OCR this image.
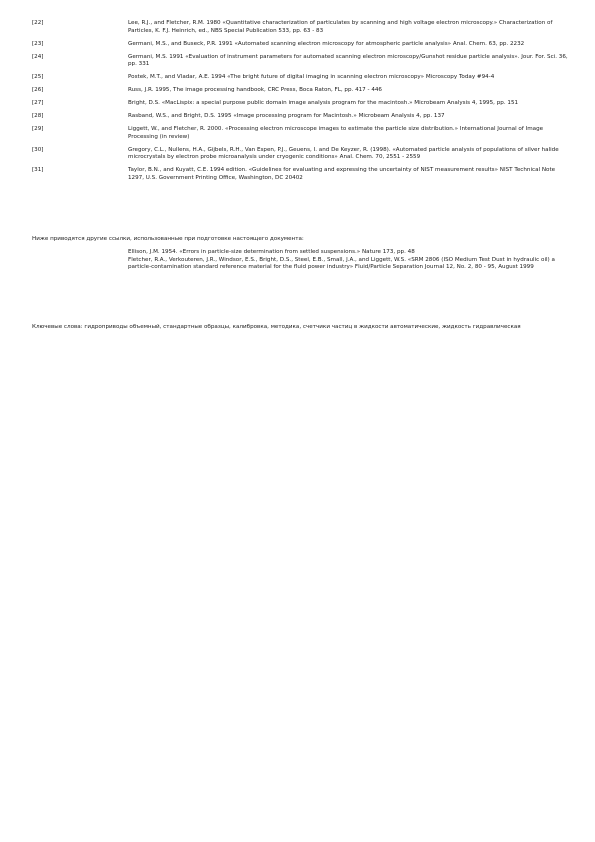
[22]	Lee, R.J., and Fletcher, R.M. 1980 «Quantitative characterization of particulates by scanning and high voltage electron microscopy.» Characterization of Particles, K. F.J. Heinrich, ed., NBS Special Publication 533, pp. 63 - 83
[23]	Germani, M.S., and Buseck, P.R. 1991 «Automated scanning electron microscopy for atmospheric particle analysis» Anal. Chem. 63, pp. 2232
[24]	Germani, M.S. 1991 «Evaluation of instrument parameters for automated scanning electron microscopy/Gunshot residue particle analysis». Jour. For. Sci. 36, pp. 331
[25]	Postek, M.T., and Vladar, A.E. 1994 «The bright future of digital imaging in scanning electron microscopy» Microscopy Today #94-4
[26]	Russ, J.R. 1995, The image processing handbook, CRC Press, Boca Raton, FL, pp. 417 - 446
[27]	Bright, D.S. «MacLispix: a special purpose public domain image analysis program for the macintosh.» Microbeam Analysis 4, 1995, pp. 151
[28]	Rasband, W.S., and Bright, D.S. 1995 «Image processing program for Macintosh.» Microbeam Analysis 4, pp. 137
[29]	Liggett, W., and Fletcher, R. 2000. «Processing electron microscope images to estimate the particle size distribution.» International Journal of Image Processing (in review)
[30]	Gregory, C.L., Nullens, H.A., Gijbels, R.H., Van Espen, P.J., Geuens, I. and De Keyzer, R. (1998). «Automated particle analysis of populations of silver halide microcrystals by electron probe microanalysis under cryogenic conditions» Anal. Chem. 70, 2551 - 2559
[31]	Taylor, B.N., and Kuyatt, C.E. 1994 edition. «Guidelines for evaluating and expressing the uncertainty of NIST measurement results» NIST Technical Note 1297, U.S. Government Printing Office, Washington, DC 20402
Ниже приводятся другие ссылки, использованные при подготовке настоящего документа:
Ellison, J.M. 1954. «Errors in particle-size determination from settled suspensions.» Nature 173, pp. 48
Fletcher, R.A., Verkouteren, J.R., Windsor, E.S., Bright, D.S., Steel, E.B., Small, J.A., and Liggett, W.S. «SRM 2806 (ISO Medium Test Dust in hydraulic oil) a particle-contamination standard reference material for the fluid power industry» Fluid/Particle Separation Journal 12, No. 2, 80 - 95, August 1999
Ключевые слова: гидроприводы объемный, стандартные образцы, калибровка, методика, счетчики частиц в жидкости автоматические, жидкость гидравлическая
